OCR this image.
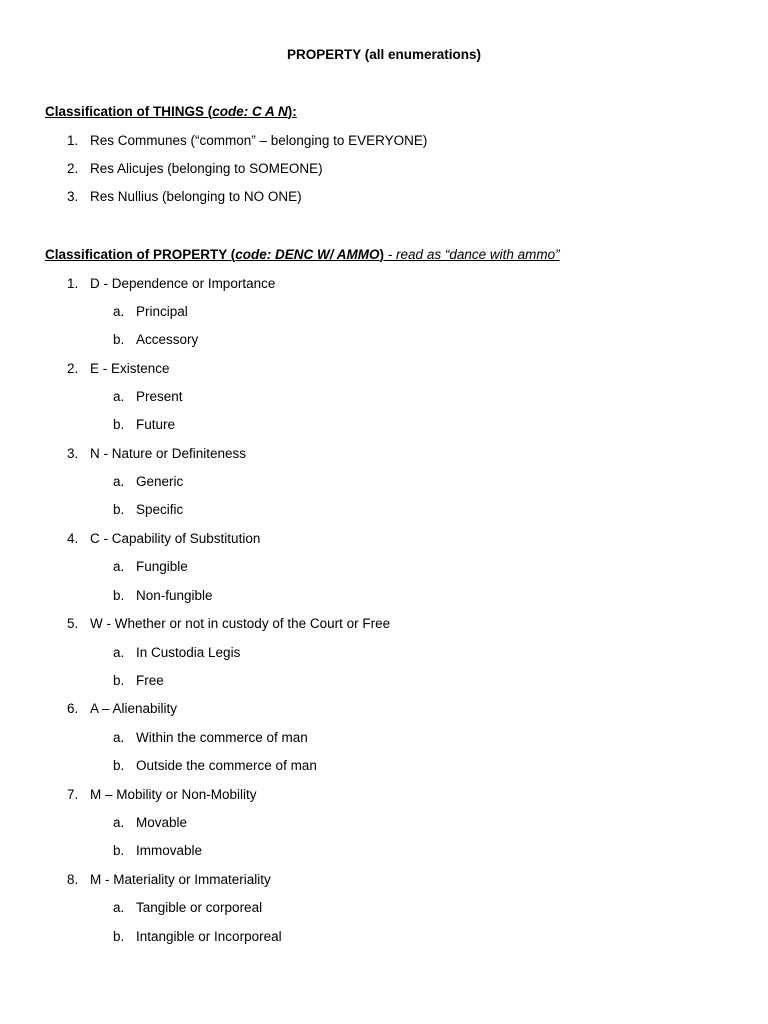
PROPERTY (all enumerations)
Classification of THINGS (code: C A N):
1. Res Communes (“common” – belonging to EVERYONE)
2. Res Alicujes (belonging to SOMEONE)
3. Res Nullius (belonging to NO ONE)
Classification of PROPERTY (code: DENC W/ AMMO) - read as “dance with ammo”
1. D - Dependence or Importance
a. Principal
b. Accessory
2. E - Existence
a. Present
b. Future
3. N - Nature or Definiteness
a. Generic
b. Specific
4. C - Capability of Substitution
a. Fungible
b. Non-fungible
5. W - Whether or not in custody of the Court or Free
a. In Custodia Legis
b. Free
6. A – Alienability
a. Within the commerce of man
b. Outside the commerce of man
7. M – Mobility or Non-Mobility
a. Movable
b. Immovable
8. M - Materiality or Immateriality
a. Tangible or corporeal
b. Intangible or Incorporeal
